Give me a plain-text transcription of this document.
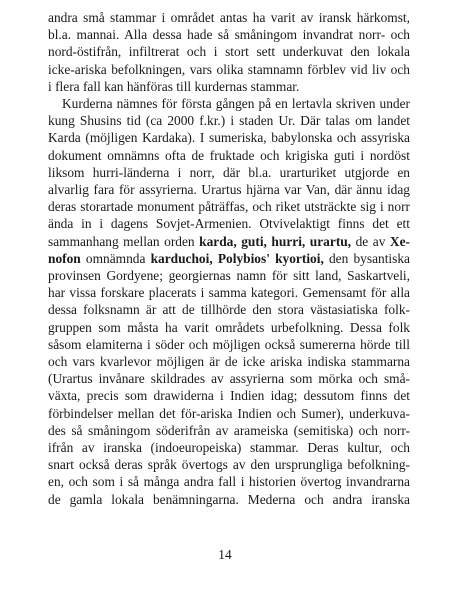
andra små stammar i området antas ha varit av iransk härkomst,
bl.a. mannai. Alla dessa hade så småningom invandrat norr- och
nord-östifrån, infiltrerat och i stort sett underkuvat den lokala
icke-ariska befolkningen, vars olika stamnamn förblev vid liv och
i flera fall kan hänföras till kurdernas stammar.
Kurderna nämnes för första gången på en lertavla skriven under
kung Shusins tid (ca 2000 f.kr.) i staden Ur. Där talas om landet
Karda (möjligen Kardaka). I sumeriska, babylonska och assyriska
dokument omnämns ofta de fruktade och krigiska guti i nordöst
liksom hurri-länderna i norr, där bl.a. urarturiket utgjorde en
alvarlig fara för assyrierna. Urartus hjärna var Van, där ännu idag
deras storartade monument påträffas, och riket utsträckte sig i norr
ända in i dagens Sovjet-Armenien. Otvivelaktigt finns det ett
sammanhang mellan orden karda, guti, hurri, urartu, de av Xe-
nofon omnämnda karduchoi, Polybios' kyortioi, den bysantiska
provinsen Gordyene; georgiernas namn för sitt land, Saskartveli,
har vissa forskare placerats i samma kategori. Gemensamt för alla
dessa folksnamn är att de tillhörde den stora västasiatiska folk-
gruppen som måsta ha varit områdets urbefolkning. Dessa folk
såsom elamiterna i söder och möjligen också sumererna hörde till
och vars kvarlevor möjligen är de icke ariska indiska stammarna
(Urartus invånare skildrades av assyrierna som mörka och små-
växta, precis som drawiderna i Indien idag; dessutom finns det
förbindelser mellan det för-ariska Indien och Sumer), underkuva-
des så småningom söderifrån av arameiska (semitiska) och norr-
ifrån av iranska (indoeuropeiska) stammar. Deras kultur, och
snart också deras språk övertogs av den ursprungliga befolkning-
en, och som i så många andra fall i historien övertog invandrarna
de gamla lokala benämningarna. Mederna och andra iranska
14
